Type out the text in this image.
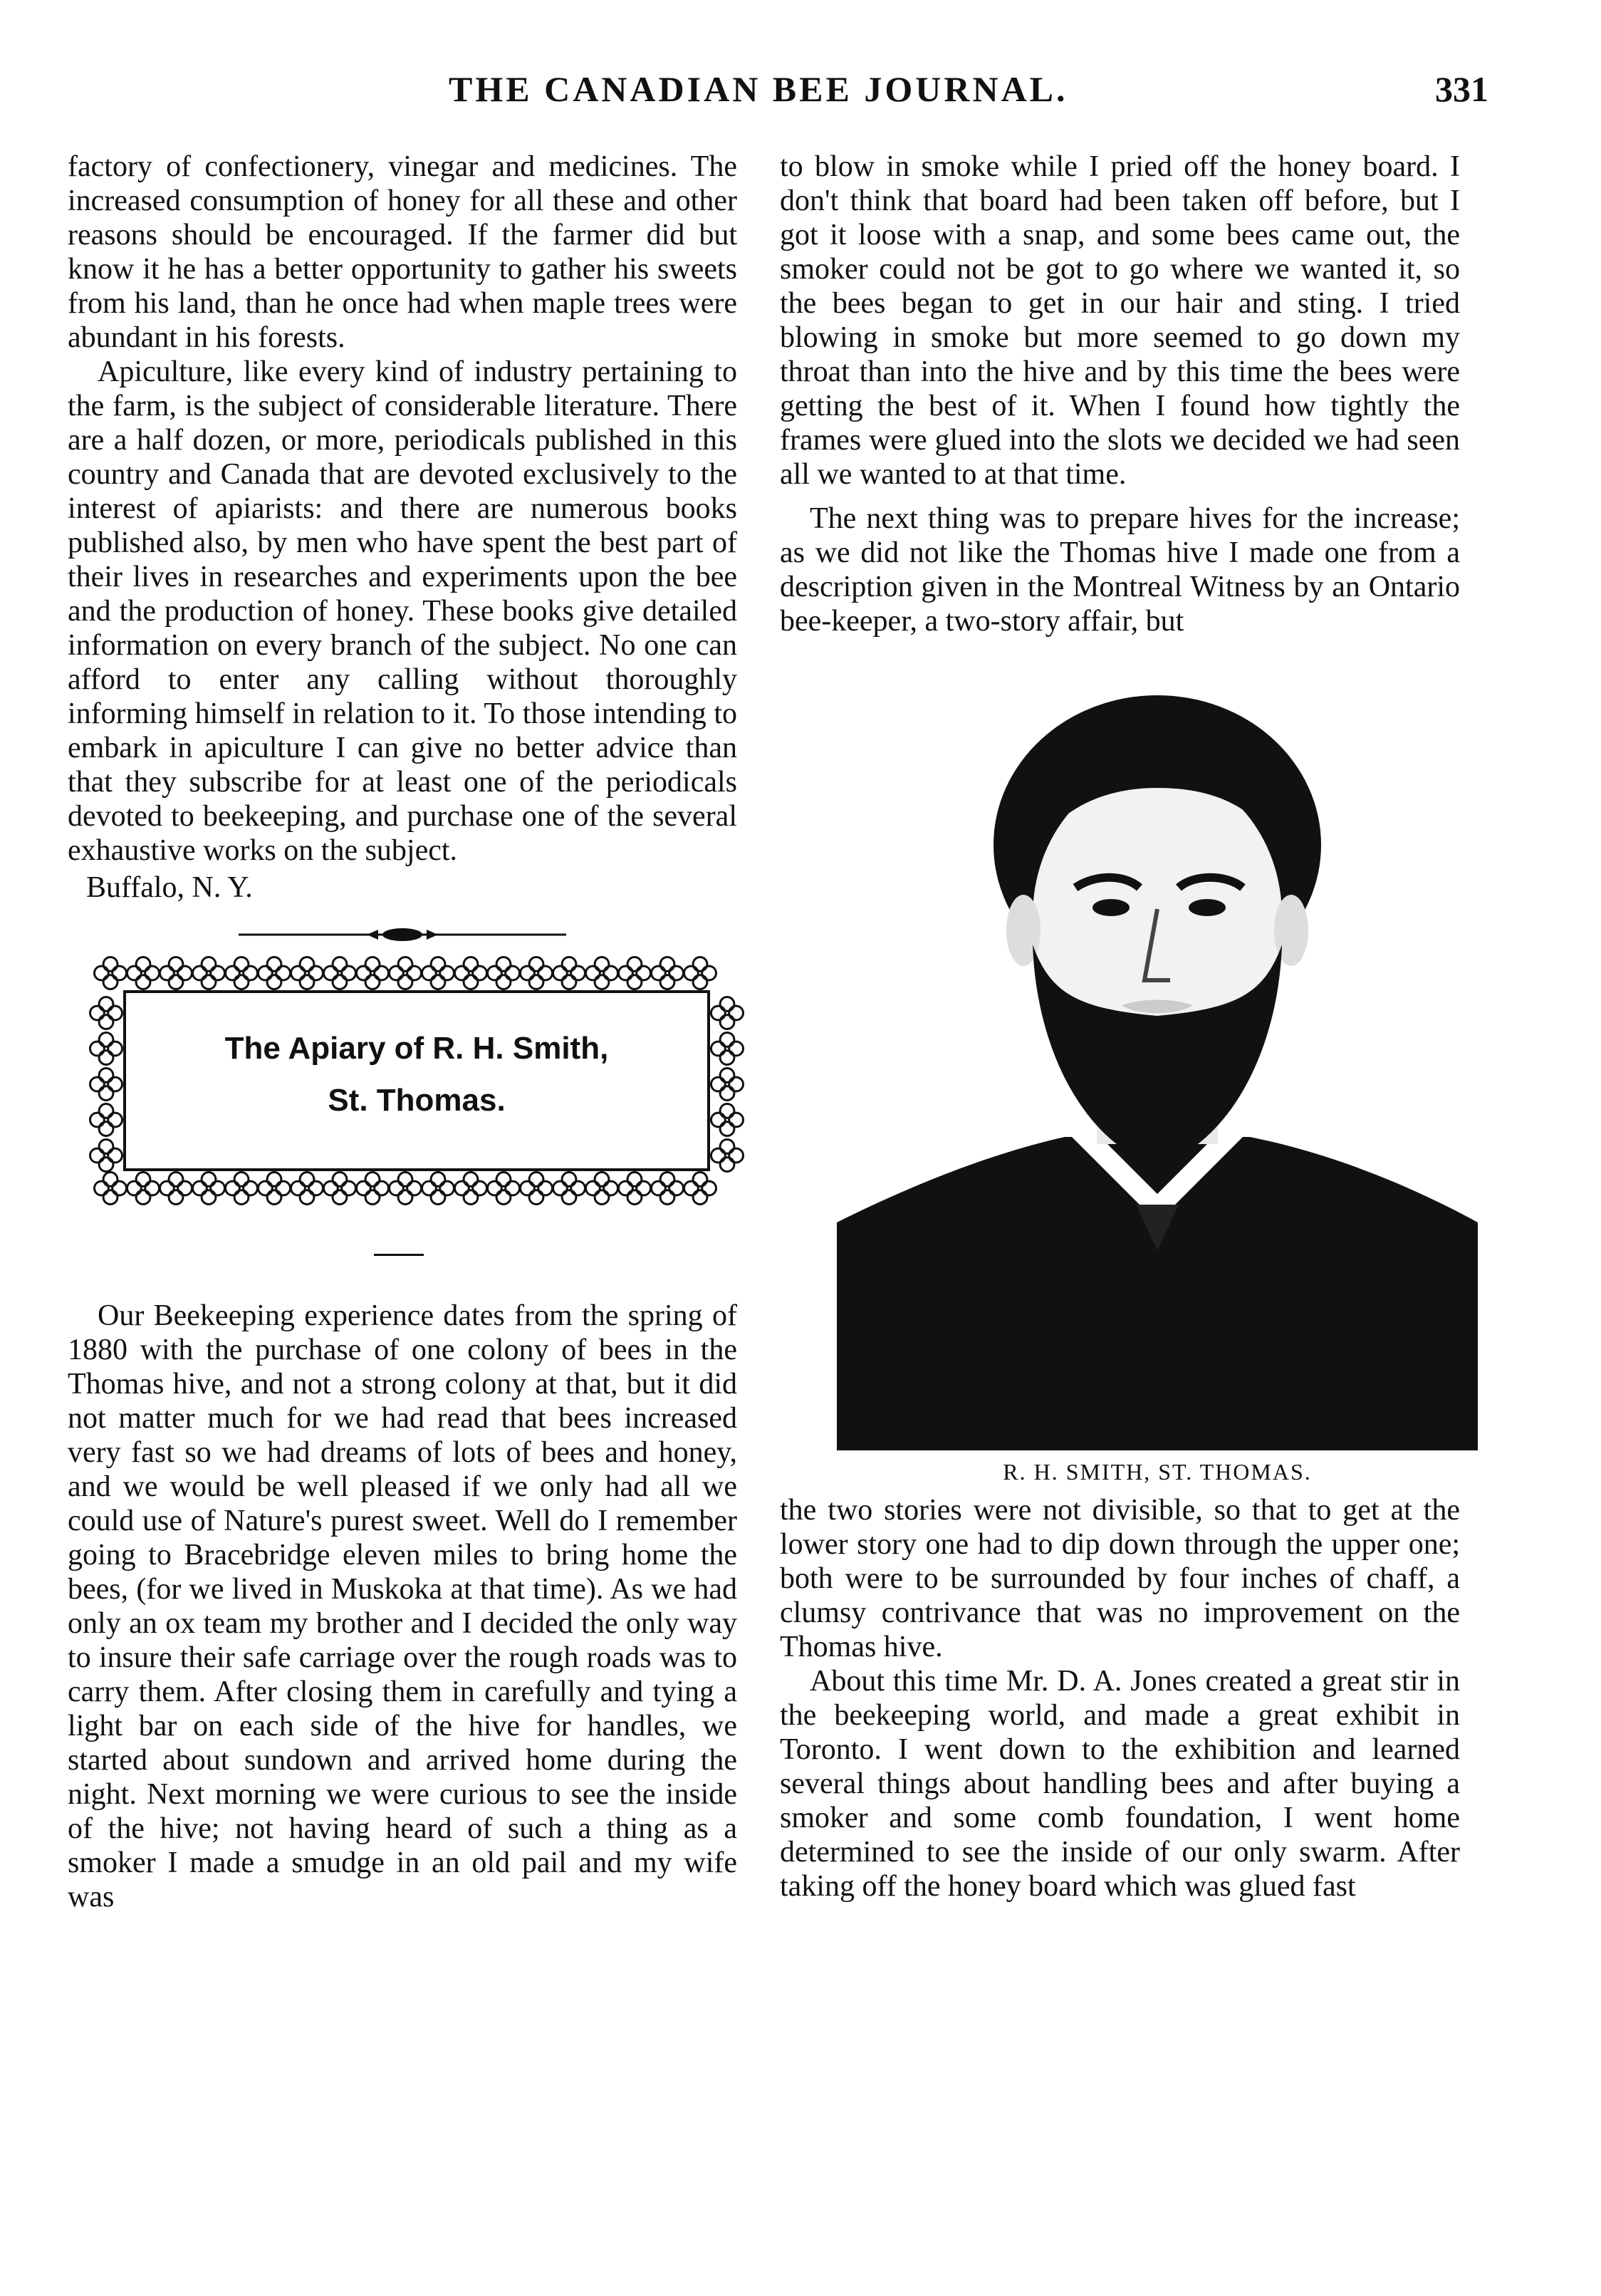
THE CANADIAN BEE JOURNAL.	331

factory of confectionery, vinegar and medicines. The increased consumption of honey for all these and other reasons should be encouraged. If the farmer did but know it he has a better opportunity to gather his sweets from his land, than he once had when maple trees were abundant in his forests.

Apiculture, like every kind of industry pertaining to the farm, is the subject of considerable literature. There are a half dozen, or more, periodicals published in this country and Canada that are devoted exclusively to the interest of apiarists: and there are numerous books published also, by men who have spent the best part of their lives in researches and experiments upon the bee and the production of honey. These books give detailed information on every branch of the subject. No one can afford to enter any calling without thoroughly informing himself in relation to it. To those intending to embark in apiculture I can give no better advice than that they subscribe for at least one of the periodicals devoted to beekeeping, and purchase one of the several exhaustive works on the subject.

Buffalo, N. Y.
The Apiary of R. H. Smith,
St. Thomas.

Our Beekeeping experience dates from the spring of 1880 with the purchase of one colony of bees in the Thomas hive, and not a strong colony at that, but it did not matter much for we had read that bees increased very fast so we had dreams of lots of bees and honey, and we would be well pleased if we only had all we could use of Nature's purest sweet. Well do I remember going to Bracebridge eleven miles to bring home the bees, (for we lived in Muskoka at that time). As we had only an ox team my brother and I decided the only way to insure their safe carriage over the rough roads was to carry them. After closing them in carefully and tying a light bar on each side of the hive for handles, we started about sundown and arrived home during the night. Next morning we were curious to see the inside of the hive; not having heard of such a thing as a smoker I made a smudge in an old pail and my wife was

to blow in smoke while I pried off the honey board. I don't think that board had been taken off before, but I got it loose with a snap, and some bees came out, the smoker could not be got to go where we wanted it, so the bees began to get in our hair and sting. I tried blowing in smoke but more seemed to go down my throat than into the hive and by this time the bees were getting the best of it. When I found how tightly the frames were glued into the slots we decided we had seen all we wanted to at that time.

The next thing was to prepare hives for the increase; as we did not like the Thomas hive I made one from a description given in the Montreal Witness by an Ontario bee-keeper, a two-story affair, but

R. H. SMITH, ST. THOMAS.

the two stories were not divisible, so that to get at the lower story one had to dip down through the upper one; both were to be surrounded by four inches of chaff, a clumsy contrivance that was no improvement on the Thomas hive.

About this time Mr. D. A. Jones created a great stir in the beekeeping world, and made a great exhibit in Toronto. I went down to the exhibition and learned several things about handling bees and after buying a smoker and some comb foundation, I went home determined to see the inside of our only swarm. After taking off the honey board which was glued fast
